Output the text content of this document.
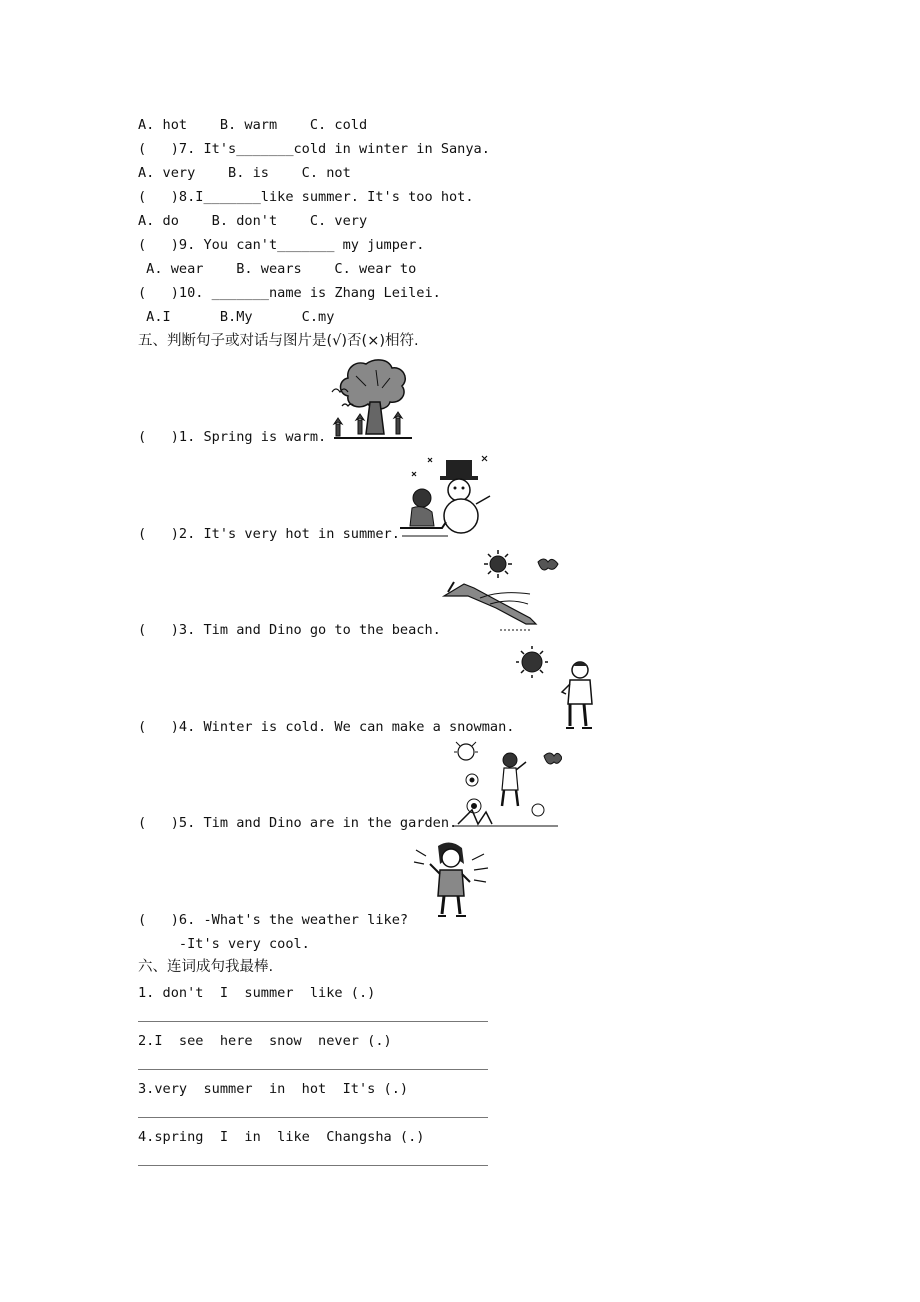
A. hot    B. warm    C. cold
(   )7. It's_______cold in winter in Sanya.
A. very    B. is    C. not
(   )8.I_______like summer. It's too hot.
A. do    B. don't    C. very
(   )9. You can't_______ my jumper.
A. wear    B. wears    C. wear to
(   )10. _______name is Zhang Leilei.
A.I      B.My      C.my
五、判断句子或对话与图片是(√)否(×)相符.
(   )1. Spring is warm.
(   )2. It's very hot in summer.
(   )3. Tim and Dino go to the beach.
(   )4. Winter is cold. We can make a snowman.
(   )5. Tim and Dino are in the garden.
(   )6. -What's the weather like?
-It's very cool.
六、连词成句我最棒.
1. don't  I  summer  like (.)
2.I  see  here  snow  never (.)
3.very  summer  in  hot  It's (.)
4.spring  I  in  like  Changsha (.)
